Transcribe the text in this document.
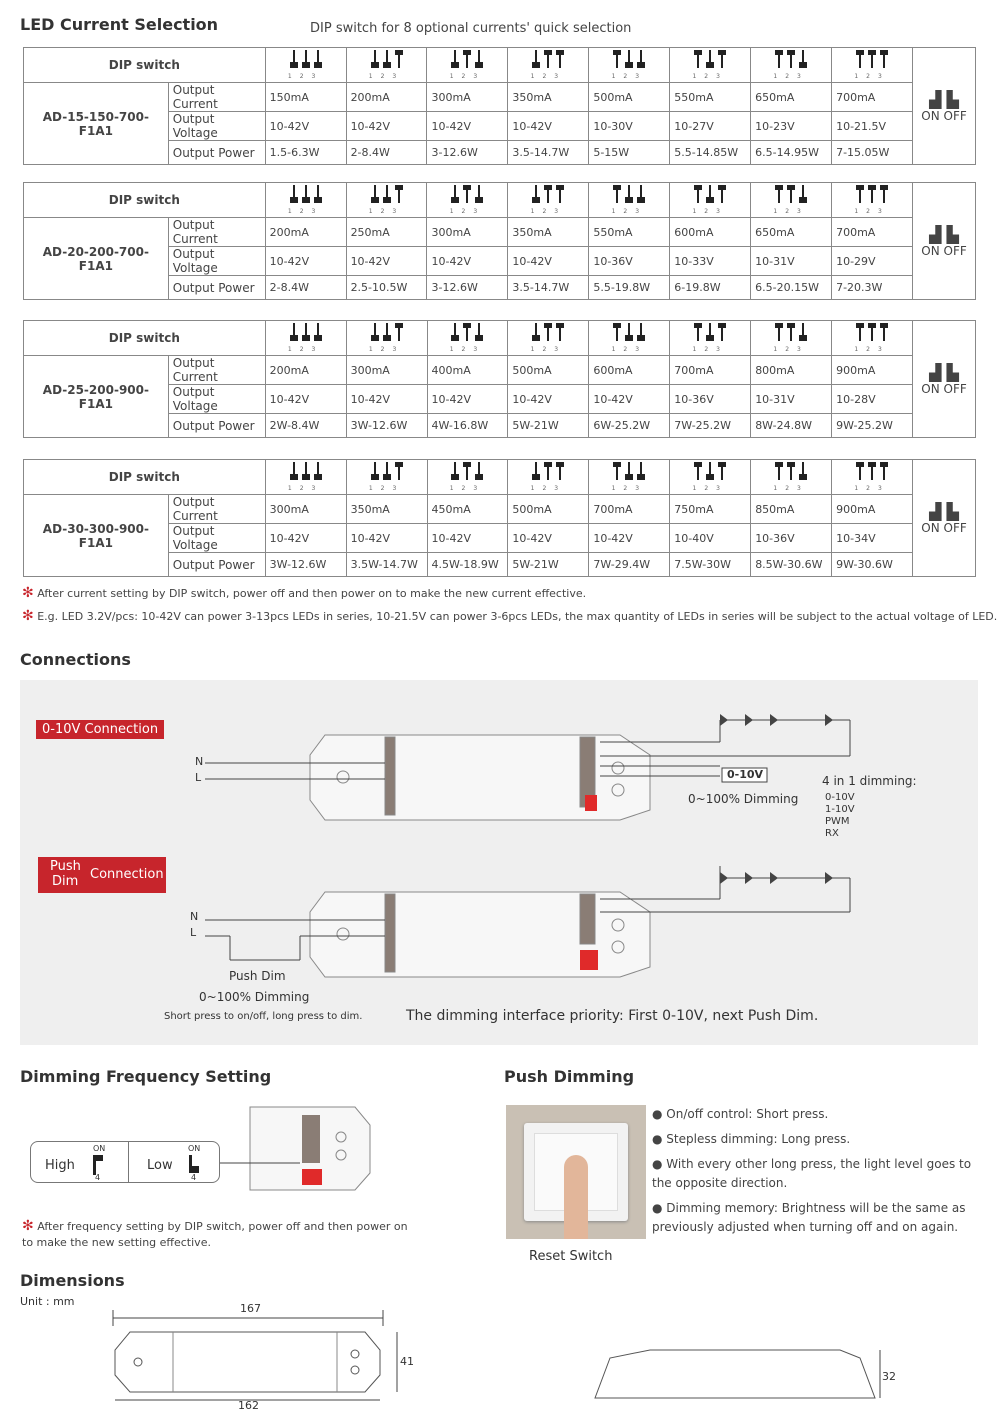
LED Current Selection	DIP switch for 8 optional currents' quick selection
DIP switch		123	123	123	123	123	123	123	123	▟ ▙
ON OFF
AD-15-150-700-F1A1	Output Current	150mA	200mA	300mA	350mA	500mA	550mA	650mA	700mA	
	Output Voltage	10-42V	10-42V	10-42V	10-42V	10-30V	10-27V	10-23V	10-21.5V	
	Output Power	1.5-6.3W	2-8.4W	3-12.6W	3.5-14.7W	5-15W	5.5-14.85W	6.5-14.95W	7-15.05W	
DIP switch		123	123	123	123	123	123	123	123	▟ ▙
ON OFF
AD-20-200-700-F1A1	Output Current	200mA	250mA	300mA	350mA	550mA	600mA	650mA	700mA	
	Output Voltage	10-42V	10-42V	10-42V	10-42V	10-36V	10-33V	10-31V	10-29V	
	Output Power	2-8.4W	2.5-10.5W	3-12.6W	3.5-14.7W	5.5-19.8W	6-19.8W	6.5-20.15W	7-20.3W	
DIP switch		123	123	123	123	123	123	123	123	▟ ▙
ON OFF
AD-25-200-900-F1A1	Output Current	200mA	300mA	400mA	500mA	600mA	700mA	800mA	900mA	
	Output Voltage	10-42V	10-42V	10-42V	10-42V	10-42V	10-36V	10-31V	10-28V	
	Output Power	2W-8.4W	3W-12.6W	4W-16.8W	5W-21W	6W-25.2W	7W-25.2W	8W-24.8W	9W-25.2W	
DIP switch		123	123	123	123	123	123	123	123	▟ ▙
ON OFF
AD-30-300-900-F1A1	Output Current	300mA	350mA	450mA	500mA	700mA	750mA	850mA	900mA	
	Output Voltage	10-42V	10-42V	10-42V	10-42V	10-42V	10-40V	10-36V	10-34V	
	Output Power	3W-12.6W	3.5W-14.7W	4.5W-18.9W	5W-21W	7W-29.4W	7.5W-30W	8.5W-30.6W	9W-30.6W	
✻ After current setting by DIP switch, power off and then power on to make the new current effective.
✻ E.g. LED 3.2V/pcs: 10-42V can power 3-13pcs LEDs in series, 10-21.5V can power 3-6pcs LEDs, the max quantity of LEDs in series will be subject to the actual voltage of LED.
Connections
0-10V Connection
Push
Dim Connection
N
L	0-10V
0~100% Dimming
4 in 1 dimming:
0-10V
1-10V
PWM
RX
N
L
Push Dim
0~100% Dimming
Short press to on/off, long press to dim.	The dimming interface priority: First 0-10V, next Push Dim.
Dimming Frequency Setting
High
ON
4
Low
ON
4
✻ After frequency setting by DIP switch, power off and then power on to make the new setting effective.
Push Dimming
Reset Switch
● On/off control: Short press.
● Stepless dimming: Long press.
● With every other long press, the light level goes to the opposite direction.
● Dimming memory: Brightness will be the same as previously adjusted when turning off and on again.
Dimensions
Unit : mm
167
41
162
32
